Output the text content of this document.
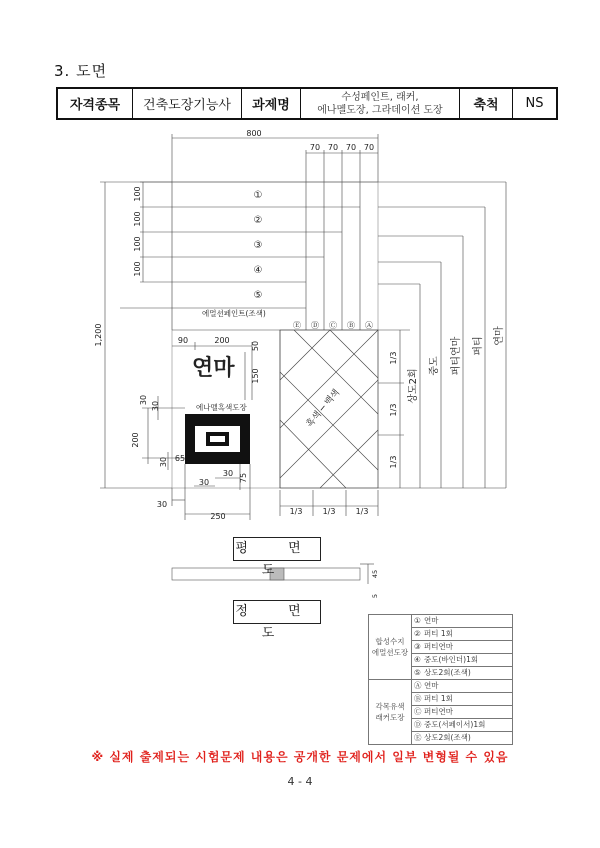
3. 도면
자격종목	건축도장기능사	과제명	
수성페인트, 래커,
에나멜도장, 그라데이션 도장	축척	NS
800
70 70 70 70
100
100
100
100
1,200
①
②
③
④
⑤
에멀션페인트(조색)
Ⓔ Ⓓ Ⓒ Ⓑ Ⓐ
90	200
50
150
연마
에나멜흑색도장
30
30
200
30 65
30
30	75
30
250
흑색 ─ 백색
1/3	1/3	1/3
1/3
1/3
1/3
상도2회
중도 퍼티연마 퍼티
연마
45
5
평 면 도
정 면 도
합성수지 에멀션도장	① 연마
	② 퍼티 1회
	③ 퍼티연마
	④ 중도(바인더)1회
	⑤ 상도2회(조색)
각목유색 래커도장	Ⓐ 연마
	Ⓑ 퍼티 1회
	Ⓒ 퍼티연마
	Ⓓ 중도(서페이서)1회
	Ⓔ 상도2회(조색)
※ 실제 출제되는 시험문제 내용은 공개한 문제에서 일부 변형될 수 있음
4 - 4
